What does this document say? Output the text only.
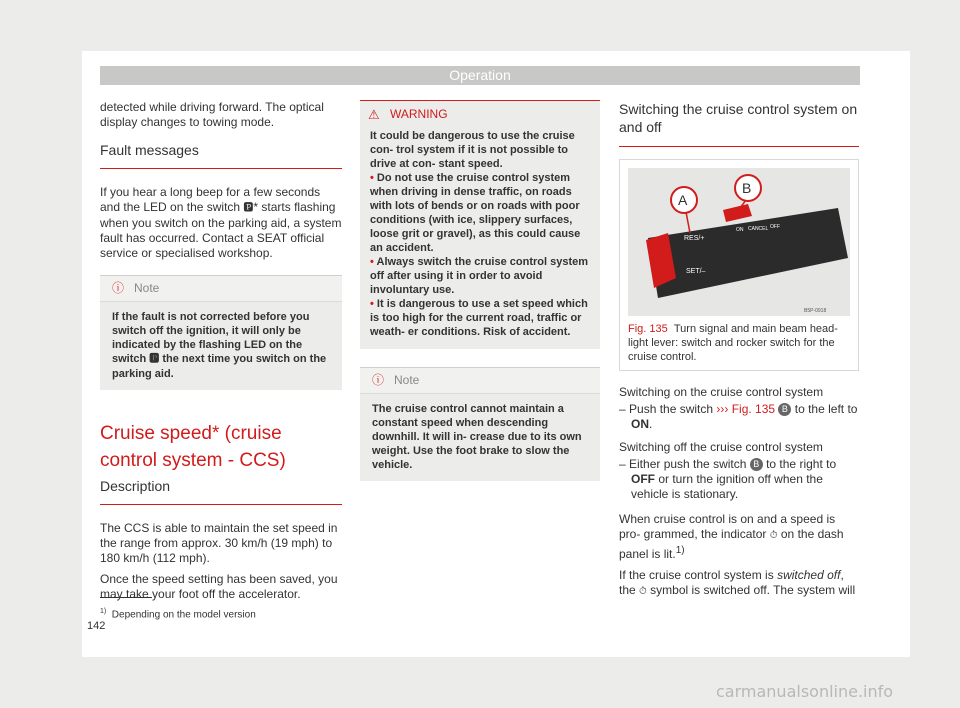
Operation

detected while driving forward. The optical display changes to towing mode.

Fault messages

If you hear a long beep for a few seconds and the LED on the switch 🅿* starts flashing when you switch on the parking aid, a system fault has occurred. Contact a SEAT official service or specialised workshop.

ⓘ Note
If the fault is not corrected before you switch off the ignition, it will only be indicated by the flashing LED on the switch 🅿 the next time you switch on the parking aid.
Cruise speed* (cruise control system - CCS)
Description

The CCS is able to maintain the set speed in the range from approx. 30 km/h (19 mph) to 180 km/h (112 mph).

Once the speed setting has been saved, you may take your foot off the accelerator.

⚠ WARNING
It could be dangerous to use the cruise con- trol system if it is not possible to drive at con- stant speed.
• Do not use the cruise control system when driving in dense traffic, on roads with lots of bends or on roads with poor conditions (with ice, slippery surfaces, loose grit or gravel), as this could cause an accident.
• Always switch the cruise control system off after using it in order to avoid involuntary use.
• It is dangerous to use a set speed which is too high for the current road, traffic or weath- er conditions. Risk of accident.
ⓘ Note
The cruise control cannot maintain a constant speed when descending downhill. It will in- crease due to its own weight. Use the foot brake to slow the vehicle.
Switching the cruise control system on and off
A
B
ON CANCEL OFF
RES/+
SET/–
B5P-0918
Fig. 135 Turn signal and main beam head- light lever: switch and rocker switch for the cruise control.
Switching on the cruise control system
– Push the switch ››› Fig. 135 B to the left to ON.
Switching off the cruise control system
– Either push the switch B to the right to OFF or turn the ignition off when the vehicle is stationary.

When cruise control is on and a speed is pro- grammed, the indicator ⏱ on the dash panel is lit.$^{1)}$

If the cruise control system is switched off, the ⏱ symbol is switched off. The system will

$^{1)}$ Depending on the model version
142
carmanualsonline.info
